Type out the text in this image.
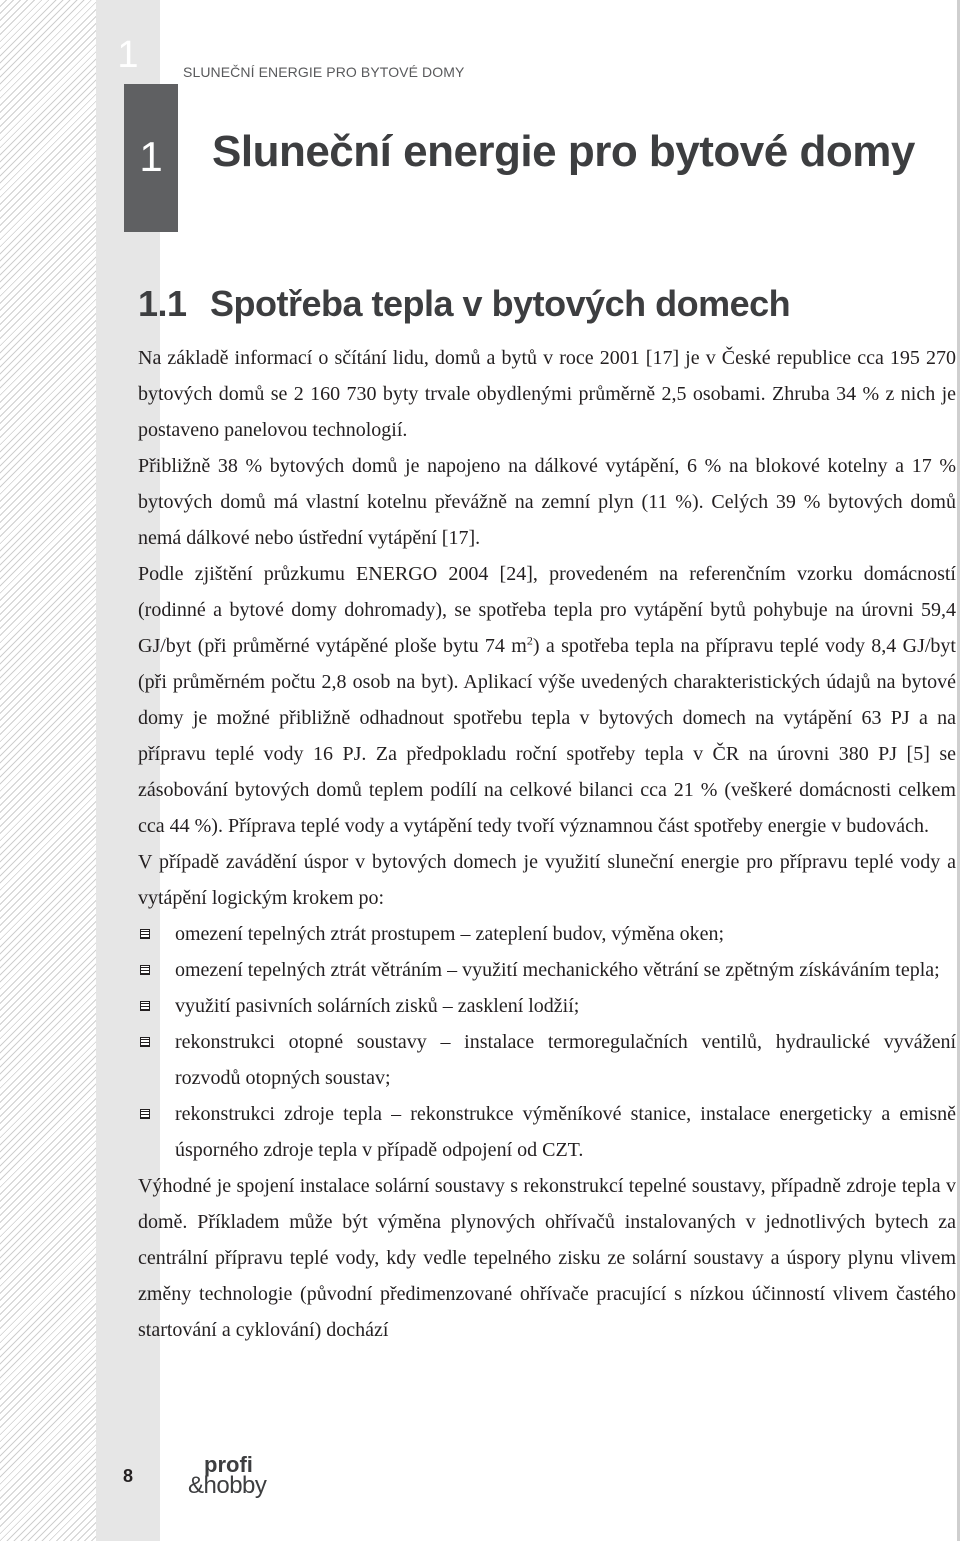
1	SLUNEČNÍ ENERGIE PRO BYTOVÉ DOMY
1	Sluneční energie pro bytové domy
1.1 Spotřeba tepla v bytových domech

Na základě informací o sčítání lidu, domů a bytů v roce 2001 [17] je v České republice cca 195 270 bytových domů se 2 160 730 byty trvale obydlenými průměrně 2,5 osobami. Zhruba 34 % z nich je postaveno panelovou technologií.

Přibližně 38 % bytových domů je napojeno na dálkové vytápění, 6 % na blokové kotelny a 17 % bytových domů má vlastní kotelnu převážně na zemní plyn (11 %). Celých 39 % bytových domů nemá dálkové nebo ústřední vytápění [17].

Podle zjištění průzkumu ENERGO 2004 [24], provedeném na referenčním vzorku domácností (rodinné a bytové domy dohromady), se spotřeba tepla pro vytápění bytů pohybuje na úrovni 59,4 GJ/byt (při průměrné vytápěné ploše bytu 74 $m^2$) a spotřeba tepla na přípravu teplé vody 8,4 GJ/byt (při průměrném počtu 2,8 osob na byt). Aplikací výše uvedených charakteristických údajů na bytové domy je možné přibližně odhadnout spotřebu tepla v bytových domech na vytápění 63 PJ a na přípravu teplé vody 16 PJ. Za předpokladu roční spotřeby tepla v ČR na úrovni 380 PJ [5] se zásobování bytových domů teplem podílí na celkové bilanci cca 21 % (veškeré domácnosti celkem cca 44 %). Příprava teplé vody a vytápění tedy tvoří významnou část spotřeby energie v budovách.

V případě zavádění úspor v bytových domech je využití sluneční energie pro přípravu teplé vody a vytápění logickým krokem po:

omezení tepelných ztrát prostupem – zateplení budov, výměna oken;
omezení tepelných ztrát větráním – využití mechanického větrání se zpětným získáváním tepla;
využití pasivních solárních zisků – zasklení lodžií;
rekonstrukci otopné soustavy – instalace termoregulačních ventilů, hydraulické vyvážení rozvodů otopných soustav;
rekonstrukci zdroje tepla – rekonstrukce výměníkové stanice, instalace energeticky a emisně úsporného zdroje tepla v případě odpojení od CZT.

Výhodné je spojení instalace solární soustavy s rekonstrukcí tepelné soustavy, případně zdroje tepla v domě. Příkladem může být výměna plynových ohřívačů instalovaných v jednotlivých bytech za centrální přípravu teplé vody, kdy vedle tepelného zisku ze solární soustavy a úspory plynu vlivem změny technologie (původní předimenzované ohřívače pracující s nízkou účinností vlivem častého startování a cyklování) dochází

8	profi
&hobby
